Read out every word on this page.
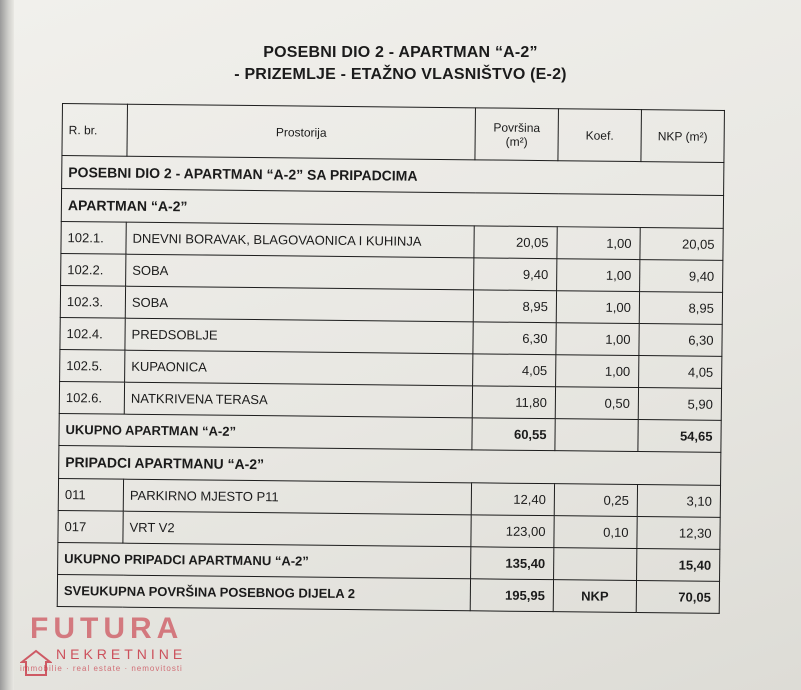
POSEBNI DIO 2 - APARTMAN “A-2”
- PRIZEMLJE - ETAŽNO VLASNIŠTVO (E-2)
R. br.	Prostorija	Površina (m²)	Koef.	NKP (m²)
POSEBNI DIO 2 - APARTMAN “A-2” SA PRIPADCIMA				
APARTMAN “A-2”				
102.1.	DNEVNI BORAVAK, BLAGOVAONICA I KUHINJA	20,05	1,00	20,05
102.2.	SOBA	9,40	1,00	9,40
102.3.	SOBA	8,95	1,00	8,95
102.4.	PREDSOBLJE	6,30	1,00	6,30
102.5.	KUPAONICA	4,05	1,00	4,05
102.6.	NATKRIVENA TERASA	11,80	0,50	5,90
UKUPNO APARTMAN “A-2”		60,55		54,65
PRIPADCI APARTMANU “A-2”				
011	PARKIRNO MJESTO P11	12,40	0,25	3,10
017	VRT V2	123,00	0,10	12,30
UKUPNO PRIPADCI APARTMANU “A-2”		135,40		15,40
SVEUKUPNA POVRŠINA POSEBNOG DIJELA 2		195,95	NKP	70,05
FUTURA
NEKRETNINE
immobilie · real estate · nemovitosti
